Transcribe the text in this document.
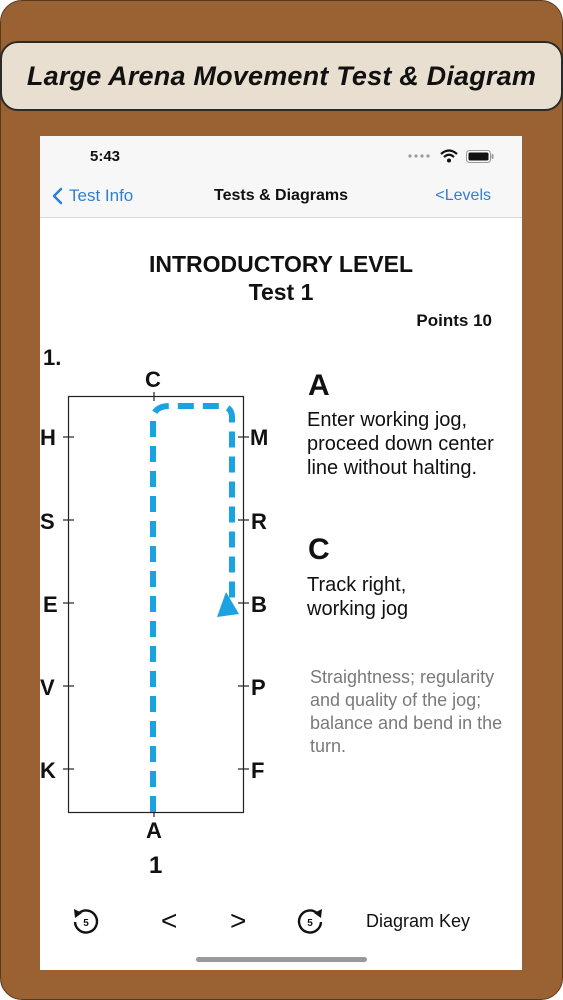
Large Arena Movement Test & Diagram
5:43
Test Info	Tests & Diagrams	<Levels
INTRODUCTORY LEVEL
Test 1
Points 10
1.
C
H
S
E
V
K
M
R
B
P
F
A
1
A
Enter working jog, proceed down center line without halting.
C
Track right, working jog
Straightness; regularity and quality of the jog; balance and bend in the turn.
5	< >	5	Diagram Key
